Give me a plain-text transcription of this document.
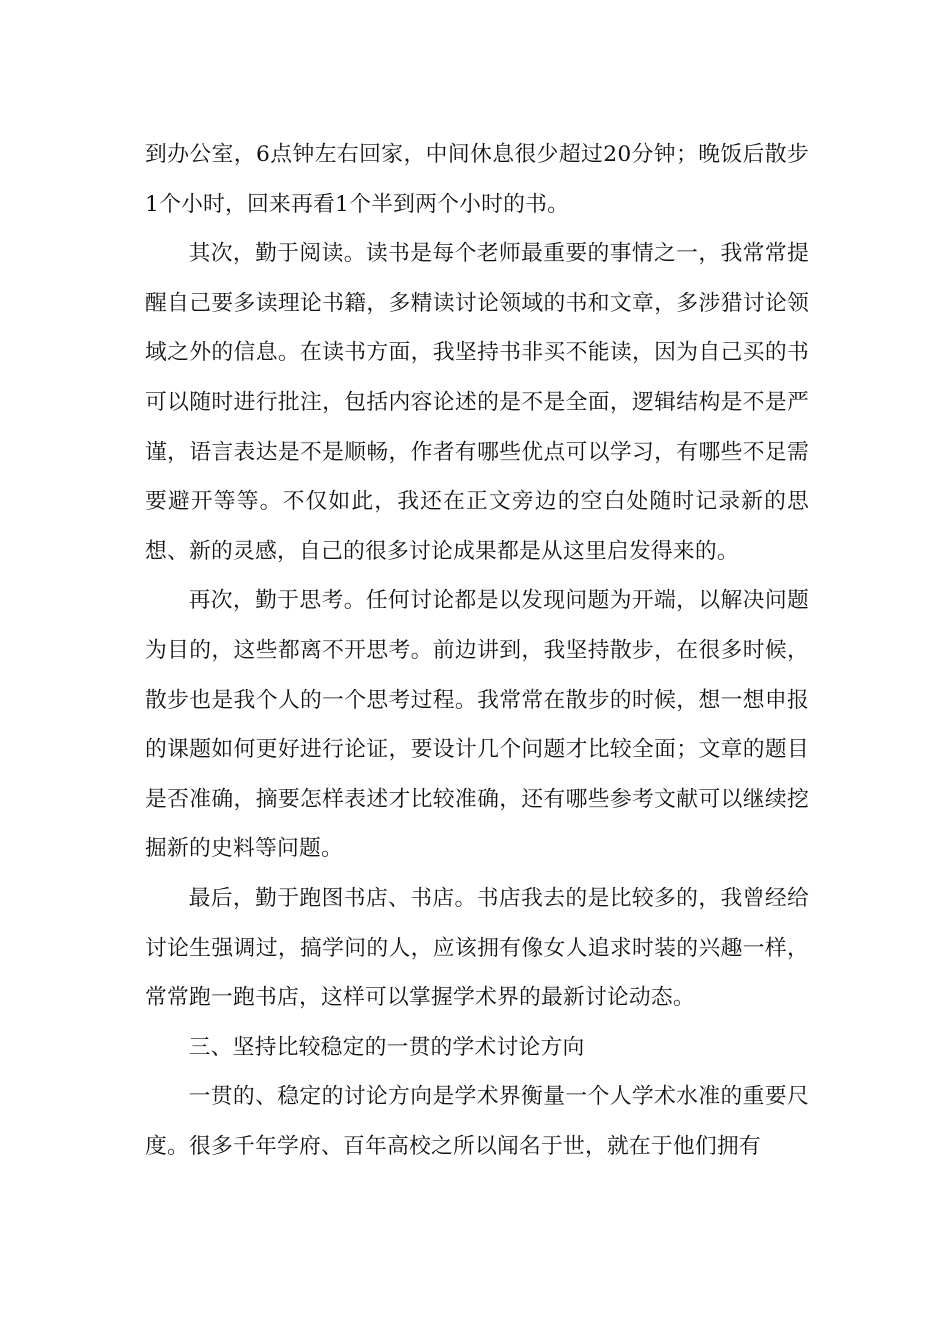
到办公室，6点钟左右回家，中间休息很少超过20分钟；晚饭后散步1个小时，回来再看1个半到两个小时的书。

其次，勤于阅读。读书是每个老师最重要的事情之一，我常常提醒自己要多读理论书籍，多精读讨论领域的书和文章，多涉猎讨论领域之外的信息。在读书方面，我坚持书非买不能读，因为自己买的书可以随时进行批注，包括内容论述的是不是全面，逻辑结构是不是严谨，语言表达是不是顺畅，作者有哪些优点可以学习，有哪些不足需要避开等等。不仅如此，我还在正文旁边的空白处随时记录新的思想、新的灵感，自己的很多讨论成果都是从这里启发得来的。

再次，勤于思考。任何讨论都是以发现问题为开端，以解决问题为目的，这些都离不开思考。前边讲到，我坚持散步，在很多时候，散步也是我个人的一个思考过程。我常常在散步的时候，想一想申报的课题如何更好进行论证，要设计几个问题才比较全面；文章的题目是否准确，摘要怎样表述才比较准确，还有哪些参考文献可以继续挖掘新的史料等问题。

最后，勤于跑图书店、书店。书店我去的是比较多的，我曾经给讨论生强调过，搞学问的人，应该拥有像女人追求时装的兴趣一样，常常跑一跑书店，这样可以掌握学术界的最新讨论动态。

三、坚持比较稳定的一贯的学术讨论方向

一贯的、稳定的讨论方向是学术界衡量一个人学术水准的重要尺度。很多千年学府、百年高校之所以闻名于世，就在于他们拥有
